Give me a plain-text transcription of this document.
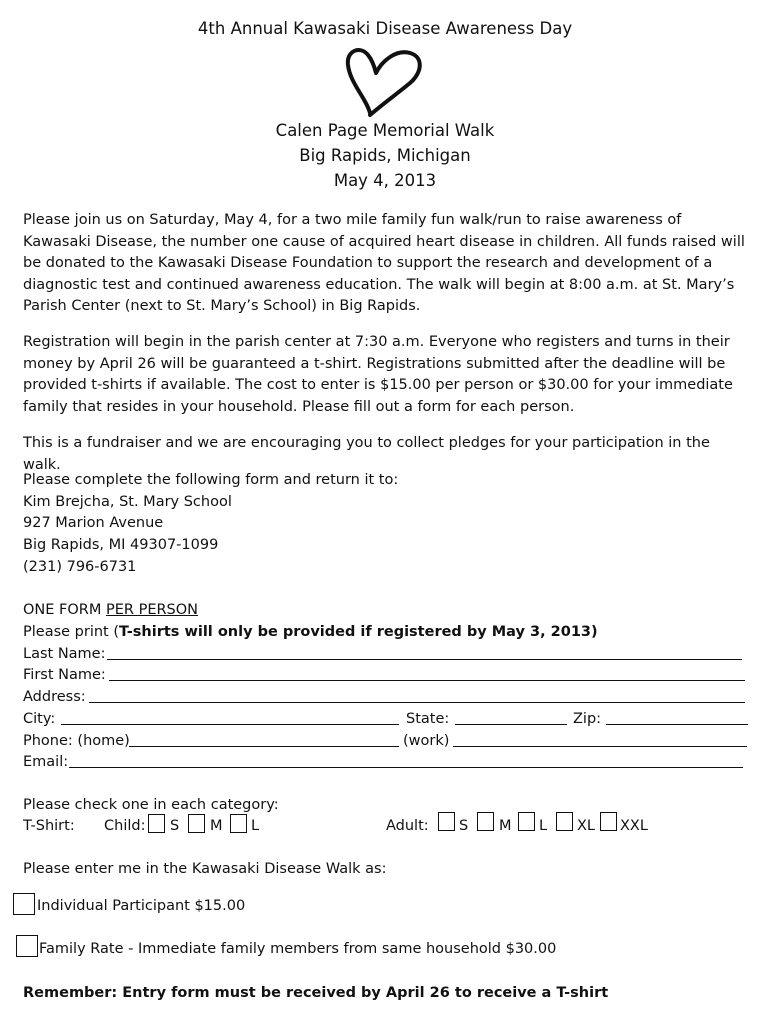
4th Annual Kawasaki Disease Awareness Day
Calen Page Memorial Walk
Big Rapids, Michigan
May 4, 2013

Please join us on Saturday, May 4, for a two mile family fun walk/run to raise awareness of Kawasaki Disease, the number one cause of acquired heart disease in children. All funds raised will be donated to the Kawasaki Disease Foundation to support the research and development of a diagnostic test and continued awareness education. The walk will begin at 8:00 a.m. at St. Mary’s Parish Center (next to St. Mary’s School) in Big Rapids.

Registration will begin in the parish center at 7:30 a.m. Everyone who registers and turns in their money by April 26 will be guaranteed a t-shirt. Registrations submitted after the deadline will be provided t-shirts if available. The cost to enter is $15.00 per person or $30.00 for your immediate family that resides in your household. Please fill out a form for each person.

This is a fundraiser and we are encouraging you to collect pledges for your participation in the walk.

Please complete the following form and return it to:
Kim Brejcha, St. Mary School
927 Marion Avenue
Big Rapids, MI 49307-1099
(231) 796-6731
ONE FORM PER PERSON
Please print (T-shirts will only be provided if registered by May 3, 2013)
Last Name:
First Name:
Address:
City:	State:	Zip:
Phone: (home)	(work)
Email:
Please check one in each category:
T-Shirt: Child: S M L	Adult: S M L XL XXL
Please enter me in the Kawasaki Disease Walk as:
Individual Participant $15.00
Family Rate - Immediate family members from same household $30.00
Remember: Entry form must be received by April 26 to receive a T-shirt
